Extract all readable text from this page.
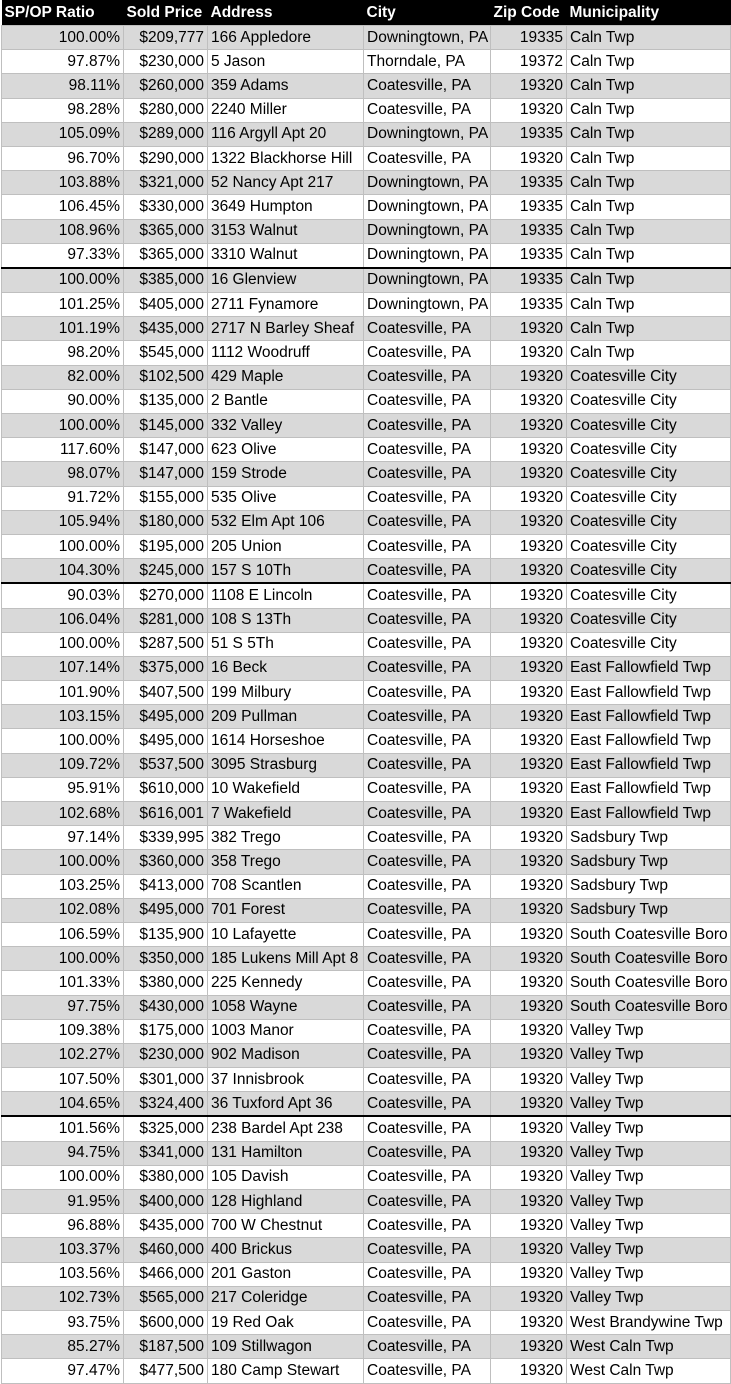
SP/OP Ratio	Sold Price	Address	City	Zip Code	Municipality
100.00%	$209,777	166 Appledore	Downingtown, PA	19335	Caln Twp
97.87%	$230,000	5 Jason	Thorndale, PA	19372	Caln Twp
98.11%	$260,000	359 Adams	Coatesville, PA	19320	Caln Twp
98.28%	$280,000	2240 Miller	Coatesville, PA	19320	Caln Twp
105.09%	$289,000	116 Argyll Apt 20	Downingtown, PA	19335	Caln Twp
96.70%	$290,000	1322 Blackhorse Hill	Coatesville, PA	19320	Caln Twp
103.88%	$321,000	52 Nancy Apt 217	Downingtown, PA	19335	Caln Twp
106.45%	$330,000	3649 Humpton	Downingtown, PA	19335	Caln Twp
108.96%	$365,000	3153 Walnut	Downingtown, PA	19335	Caln Twp
97.33%	$365,000	3310 Walnut	Downingtown, PA	19335	Caln Twp
100.00%	$385,000	16 Glenview	Downingtown, PA	19335	Caln Twp
101.25%	$405,000	2711 Fynamore	Downingtown, PA	19335	Caln Twp
101.19%	$435,000	2717 N Barley Sheaf	Coatesville, PA	19320	Caln Twp
98.20%	$545,000	1112 Woodruff	Coatesville, PA	19320	Caln Twp
82.00%	$102,500	429 Maple	Coatesville, PA	19320	Coatesville City
90.00%	$135,000	2 Bantle	Coatesville, PA	19320	Coatesville City
100.00%	$145,000	332 Valley	Coatesville, PA	19320	Coatesville City
117.60%	$147,000	623 Olive	Coatesville, PA	19320	Coatesville City
98.07%	$147,000	159 Strode	Coatesville, PA	19320	Coatesville City
91.72%	$155,000	535 Olive	Coatesville, PA	19320	Coatesville City
105.94%	$180,000	532 Elm Apt 106	Coatesville, PA	19320	Coatesville City
100.00%	$195,000	205 Union	Coatesville, PA	19320	Coatesville City
104.30%	$245,000	157 S 10Th	Coatesville, PA	19320	Coatesville City
90.03%	$270,000	1108 E Lincoln	Coatesville, PA	19320	Coatesville City
106.04%	$281,000	108 S 13Th	Coatesville, PA	19320	Coatesville City
100.00%	$287,500	51 S 5Th	Coatesville, PA	19320	Coatesville City
107.14%	$375,000	16 Beck	Coatesville, PA	19320	East Fallowfield Twp
101.90%	$407,500	199 Milbury	Coatesville, PA	19320	East Fallowfield Twp
103.15%	$495,000	209 Pullman	Coatesville, PA	19320	East Fallowfield Twp
100.00%	$495,000	1614 Horseshoe	Coatesville, PA	19320	East Fallowfield Twp
109.72%	$537,500	3095 Strasburg	Coatesville, PA	19320	East Fallowfield Twp
95.91%	$610,000	10 Wakefield	Coatesville, PA	19320	East Fallowfield Twp
102.68%	$616,001	7 Wakefield	Coatesville, PA	19320	East Fallowfield Twp
97.14%	$339,995	382 Trego	Coatesville, PA	19320	Sadsbury Twp
100.00%	$360,000	358 Trego	Coatesville, PA	19320	Sadsbury Twp
103.25%	$413,000	708 Scantlen	Coatesville, PA	19320	Sadsbury Twp
102.08%	$495,000	701 Forest	Coatesville, PA	19320	Sadsbury Twp
106.59%	$135,900	10 Lafayette	Coatesville, PA	19320	South Coatesville Boro
100.00%	$350,000	185 Lukens Mill Apt 8	Coatesville, PA	19320	South Coatesville Boro
101.33%	$380,000	225 Kennedy	Coatesville, PA	19320	South Coatesville Boro
97.75%	$430,000	1058 Wayne	Coatesville, PA	19320	South Coatesville Boro
109.38%	$175,000	1003 Manor	Coatesville, PA	19320	Valley Twp
102.27%	$230,000	902 Madison	Coatesville, PA	19320	Valley Twp
107.50%	$301,000	37 Innisbrook	Coatesville, PA	19320	Valley Twp
104.65%	$324,400	36 Tuxford Apt 36	Coatesville, PA	19320	Valley Twp
101.56%	$325,000	238 Bardel Apt 238	Coatesville, PA	19320	Valley Twp
94.75%	$341,000	131 Hamilton	Coatesville, PA	19320	Valley Twp
100.00%	$380,000	105 Davish	Coatesville, PA	19320	Valley Twp
91.95%	$400,000	128 Highland	Coatesville, PA	19320	Valley Twp
96.88%	$435,000	700 W Chestnut	Coatesville, PA	19320	Valley Twp
103.37%	$460,000	400 Brickus	Coatesville, PA	19320	Valley Twp
103.56%	$466,000	201 Gaston	Coatesville, PA	19320	Valley Twp
102.73%	$565,000	217 Coleridge	Coatesville, PA	19320	Valley Twp
93.75%	$600,000	19 Red Oak	Coatesville, PA	19320	West Brandywine Twp
85.27%	$187,500	109 Stillwagon	Coatesville, PA	19320	West Caln Twp
97.47%	$477,500	180 Camp Stewart	Coatesville, PA	19320	West Caln Twp
